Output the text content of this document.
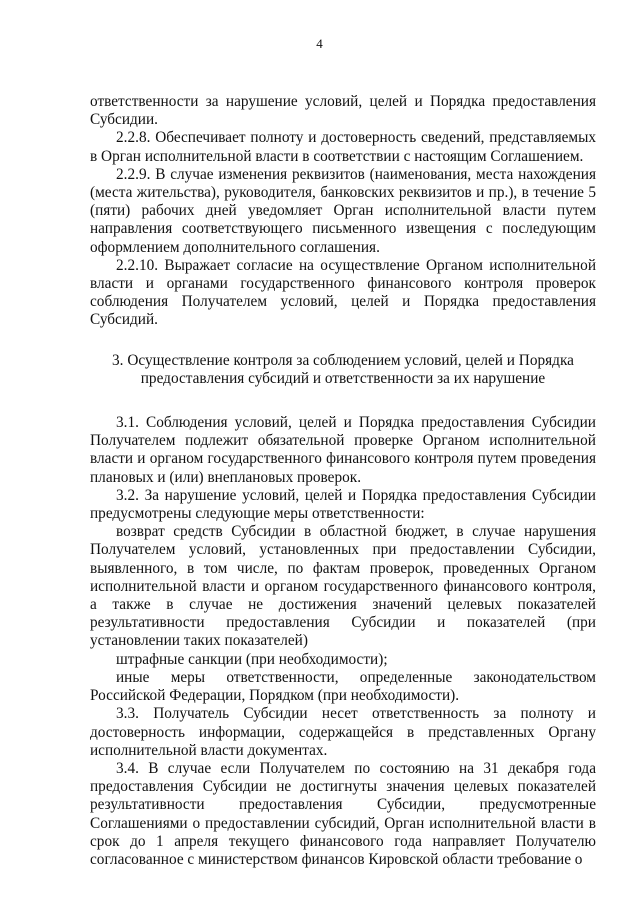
4

ответственности за нарушение условий, целей и Порядка предоставления Субсидии.

2.2.8. Обеспечивает полноту и достоверность сведений, представляемых в Орган исполнительной власти в соответствии с настоящим Соглашением.

2.2.9. В случае изменения реквизитов (наименования, места нахождения (места жительства), руководителя, банковских реквизитов и пр.), в течение 5 (пяти) рабочих дней уведомляет Орган исполнительной власти путем направления соответствующего письменного извещения с последующим оформлением дополнительного соглашения.

2.2.10. Выражает согласие на осуществление Органом исполнительной власти и органами государственного финансового контроля проверок соблюдения Получателем условий, целей и Порядка предоставления Субсидий.

3. Осуществление контроля за соблюдением условий, целей и Порядка предоставления субсидий и ответственности за их нарушение

3.1. Соблюдения условий, целей и Порядка предоставления Субсидии Получателем подлежит обязательной проверке Органом исполнительной власти и органом государственного финансового контроля путем проведения плановых и (или) внеплановых проверок.

3.2. За нарушение условий, целей и Порядка предоставления Субсидии предусмотрены следующие меры ответственности:

возврат средств Субсидии в областной бюджет, в случае нарушения Получателем условий, установленных при предоставлении Субсидии, выявленного, в том числе, по фактам проверок, проведенных Органом исполнительной власти и органом государственного финансового контроля, а также в случае не достижения значений целевых показателей результативности предоставления Субсидии и показателей (при установлении таких показателей)

штрафные санкции (при необходимости);

иные меры ответственности, определенные законодательством Российской Федерации, Порядком (при необходимости).

3.3. Получатель Субсидии несет ответственность за полноту и достоверность информации, содержащейся в представленных Органу исполнительной власти документах.

3.4. В случае если Получателем по состоянию на 31 декабря года предоставления Субсидии не достигнуты значения целевых показателей результативности предоставления Субсидии, предусмотренные Соглашениями о предоставлении субсидий, Орган исполнительной власти в срок до 1 апреля текущего финансового года направляет Получателю согласованное с министерством финансов Кировской области требование о
